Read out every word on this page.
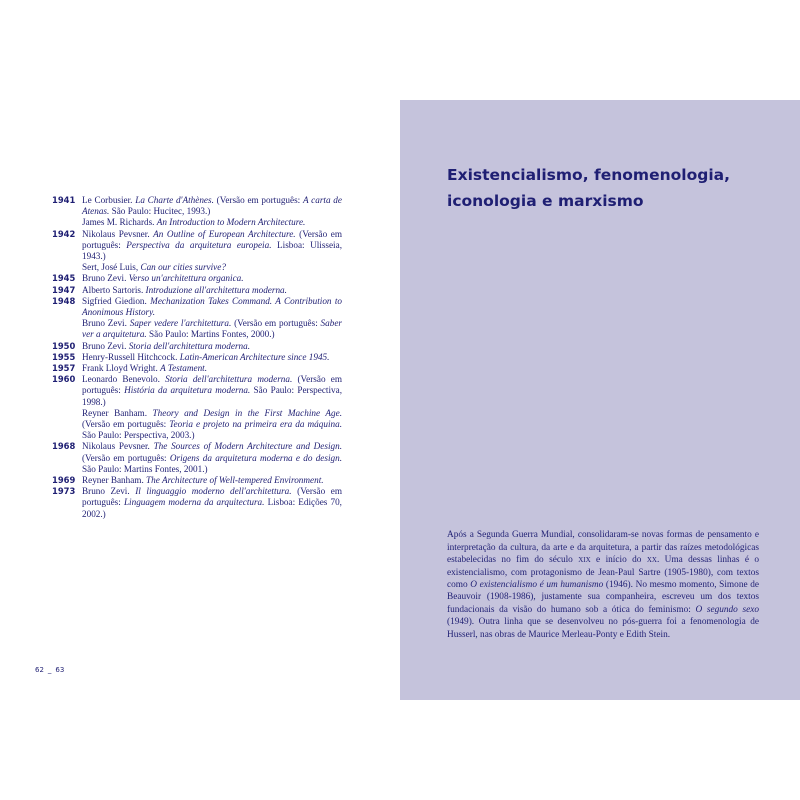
1941 Le Corbusier. La Charte d'Athènes. (Versão em português: A carta de Atenas. São Paulo: Hucitec, 1993.)
James M. Richards. An Introduction to Modern Architecture.
1942 Nikolaus Pevsner. An Outline of European Architecture. (Versão em português: Perspectiva da arquitetura europeia. Lisboa: Ulisseia, 1943.)
Sert, José Luis, Can our cities survive?
1945 Bruno Zevi. Verso un'architettura organica.
1947 Alberto Sartoris. Introduzione all'architettura moderna.
1948 Sigfried Giedion. Mechanization Takes Command. A Contribution to Anonimous History.
Bruno Zevi. Saper vedere l'architettura. (Versão em português: Saber ver a arquitetura. São Paulo: Martins Fontes, 2000.)
1950 Bruno Zevi. Storia dell'architettura moderna.
1955 Henry-Russell Hitchcock. Latin-American Architecture since 1945.
1957 Frank Lloyd Wright. A Testament.
1960 Leonardo Benevolo. Storia dell'architettura moderna. (Versão em português: História da arquitetura moderna. São Paulo: Perspectiva, 1998.)
Reyner Banham. Theory and Design in the First Machine Age. (Versão em português: Teoria e projeto na primeira era da máquina. São Paulo: Perspectiva, 2003.)
1968 Nikolaus Pevsner. The Sources of Modern Architecture and Design. (Versão em português: Origens da arquitetura moderna e do design. São Paulo: Martins Fontes, 2001.)
1969 Reyner Banham. The Architecture of Well-tempered Environment.
1973 Bruno Zevi. Il linguaggio moderno dell'architettura. (Versão em português: Linguagem moderna da arquitectura. Lisboa: Edições 70, 2002.)
62 _ 63
Existencialismo, fenomenologia,
iconologia e marxismo

Após a Segunda Guerra Mundial, consolidaram-se novas formas de pensamento e interpretação da cultura, da arte e da arquitetura, a partir das raízes metodológicas estabelecidas no fim do século xix e início do xx. Uma dessas linhas é o existencialismo, com protagonismo de Jean-Paul Sartre (1905-1980), com textos como O existencialismo é um humanismo (1946). No mesmo momento, Simone de Beauvoir (1908-1986), justamente sua companheira, escreveu um dos textos fundacionais da visão do humano sob a ótica do feminismo: O segundo sexo (1949). Outra linha que se desenvolveu no pós-guerra foi a fenomenologia de Husserl, nas obras de Maurice Merleau-Ponty e Edith Stein.
